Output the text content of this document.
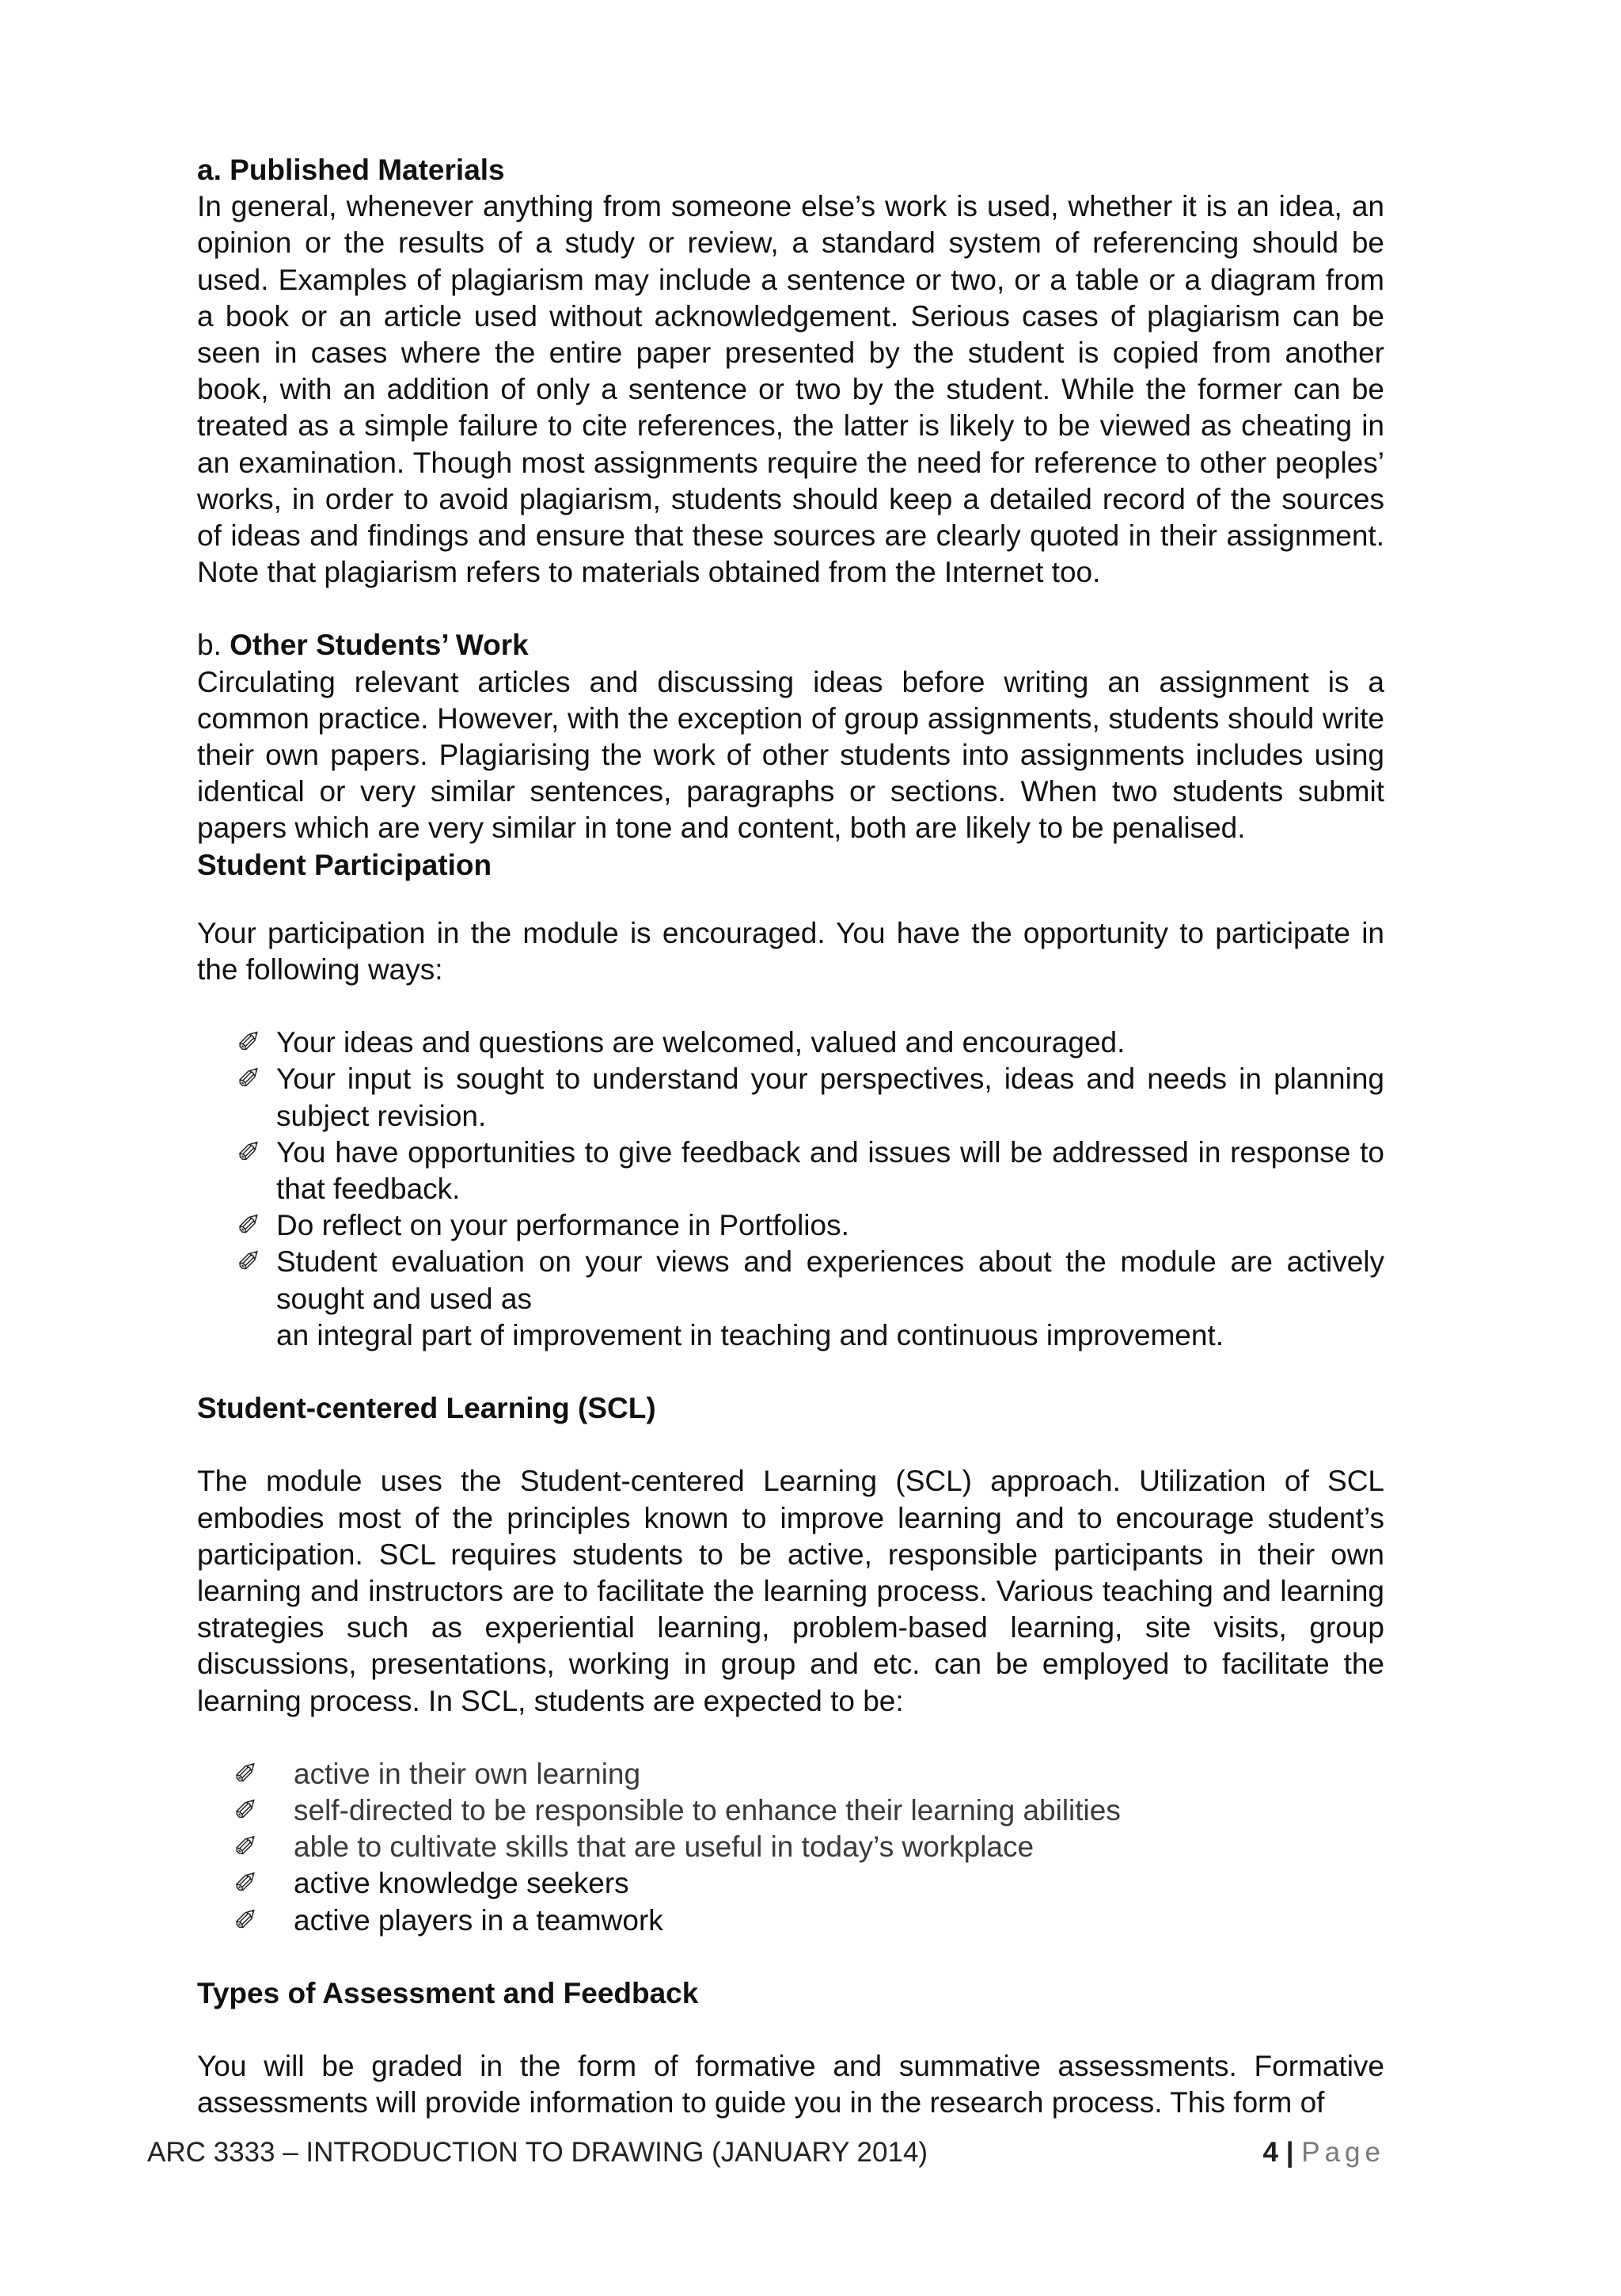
a. Published Materials

In general, whenever anything from someone else’s work is used, whether it is an idea, an opinion or the results of a study or review, a standard system of referencing should be used. Examples of plagiarism may include a sentence or two, or a table or a diagram from a book or an article used without acknowledgement. Serious cases of plagiarism can be seen in cases where the entire paper presented by the student is copied from another book, with an addition of only a sentence or two by the student. While the former can be treated as a simple failure to cite references, the latter is likely to be viewed as cheating in an examination. Though most assignments require the need for reference to other peoples’ works, in order to avoid plagiarism, students should keep a detailed record of the sources of ideas and findings and ensure that these sources are clearly quoted in their assignment. Note that plagiarism refers to materials obtained from the Internet too.

b. Other Students’ Work

Circulating relevant articles and discussing ideas before writing an assignment is a common practice. However, with the exception of group assignments, students should write their own papers. Plagiarising the work of other students into assignments includes using identical or very similar sentences, paragraphs or sections. When two students submit papers which are very similar in tone and content, both are likely to be penalised.

Student Participation

Your participation in the module is encouraged. You have the opportunity to participate in the following ways:

✐ Your ideas and questions are welcomed, valued and encouraged.
✐ Your input is sought to understand your perspectives, ideas and needs in planning subject revision.
✐ You have opportunities to give feedback and issues will be addressed in response to that feedback.
✐ Do reflect on your performance in Portfolios.
✐ Student evaluation on your views and experiences about the module are actively sought and used as
an integral part of improvement in teaching and continuous improvement.

Student-centered Learning (SCL)

The module uses the Student-centered Learning (SCL) approach. Utilization of SCL embodies most of the principles known to improve learning and to encourage student’s participation. SCL requires students to be active, responsible participants in their own learning and instructors are to facilitate the learning process. Various teaching and learning strategies such as experiential learning, problem-based learning, site visits, group discussions, presentations, working in group and etc. can be employed to facilitate the learning process. In SCL, students are expected to be:

✐	active in their own learning
✐	self-directed to be responsible to enhance their learning abilities
✐	able to cultivate skills that are useful in today’s workplace
✐	active knowledge seekers
✐	active players in a teamwork

Types of Assessment and Feedback

You will be graded in the form of formative and summative assessments. Formative assessments will provide information to guide you in the research process. This form of

ARC 3333 – INTRODUCTION TO DRAWING (JANUARY 2014)	4 | Page
